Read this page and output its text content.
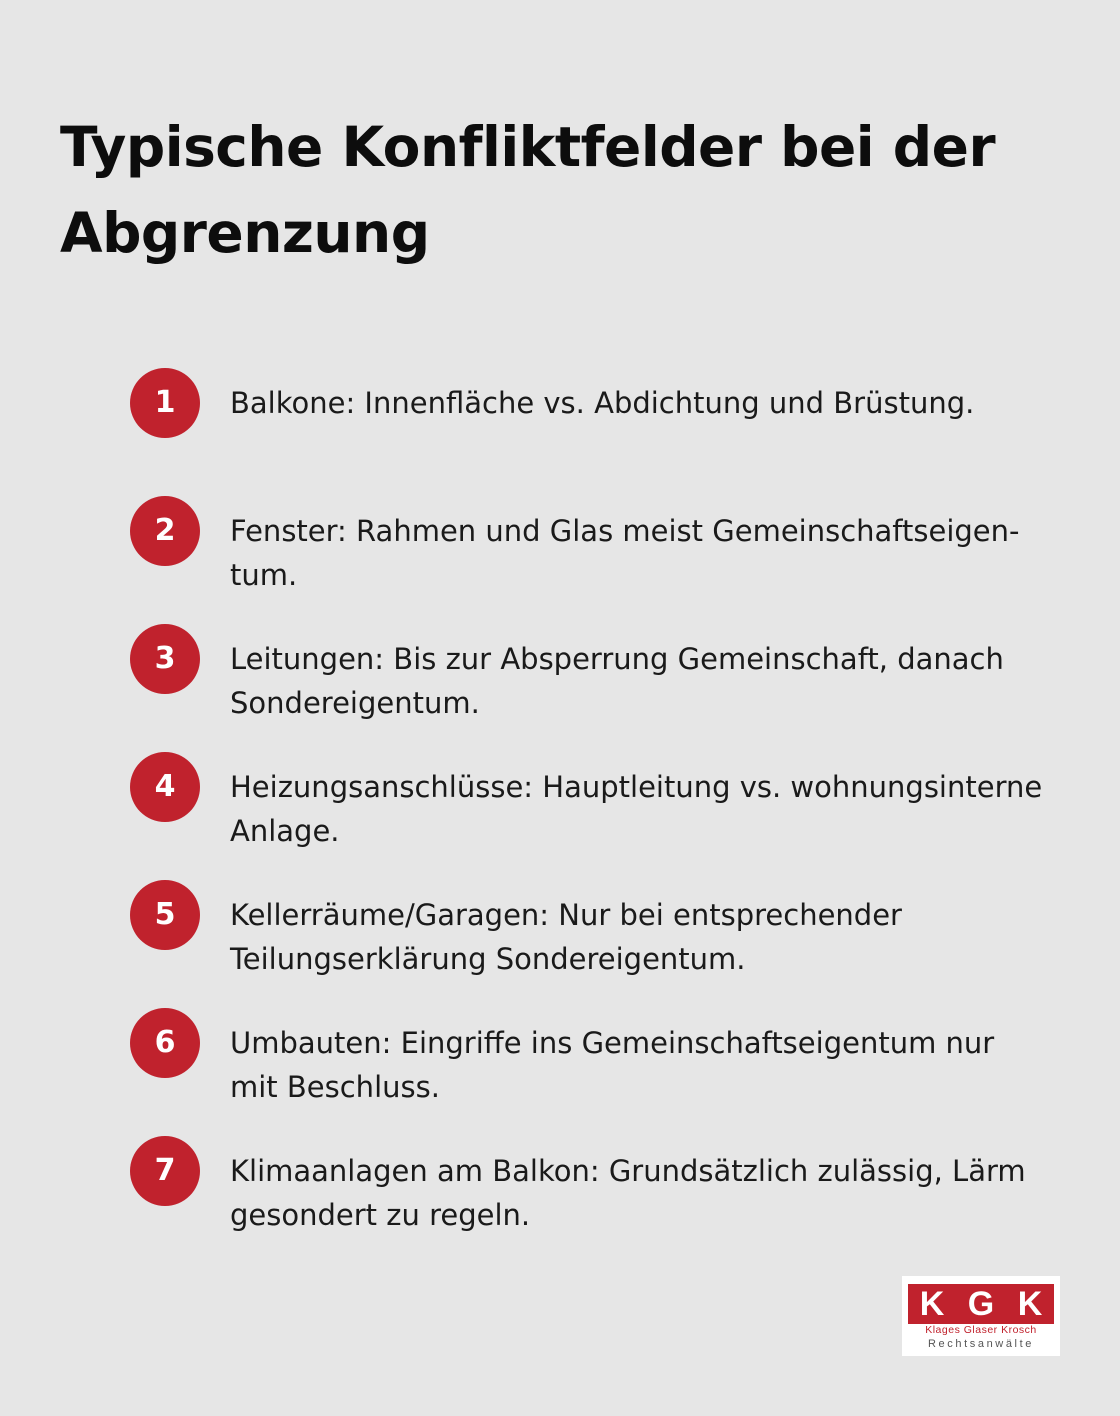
Typische Konfliktfelder bei der Abgrenzung
1	Balkone: Innenfläche vs. Abdichtung und Brüstung.
2	Fenster: Rahmen und Glas meist Gemeinschaftseigen-tum.
3	Leitungen: Bis zur Absperrung Gemeinschaft, danach Sondereigentum.
4	Heizungsanschlüsse: Hauptleitung vs. wohnungsinterne Anlage.
5	Kellerräume/Garagen: Nur bei entsprechender Teilungserklärung Sondereigentum.
6	Umbauten: Eingriffe ins Gemeinschaftseigentum nur mit Beschluss.
7	Klimaanlagen am Balkon: Grundsätzlich zulässig, Lärm gesondert zu regeln.
K G K
Klages Glaser Krosch
Rechtsanwälte
